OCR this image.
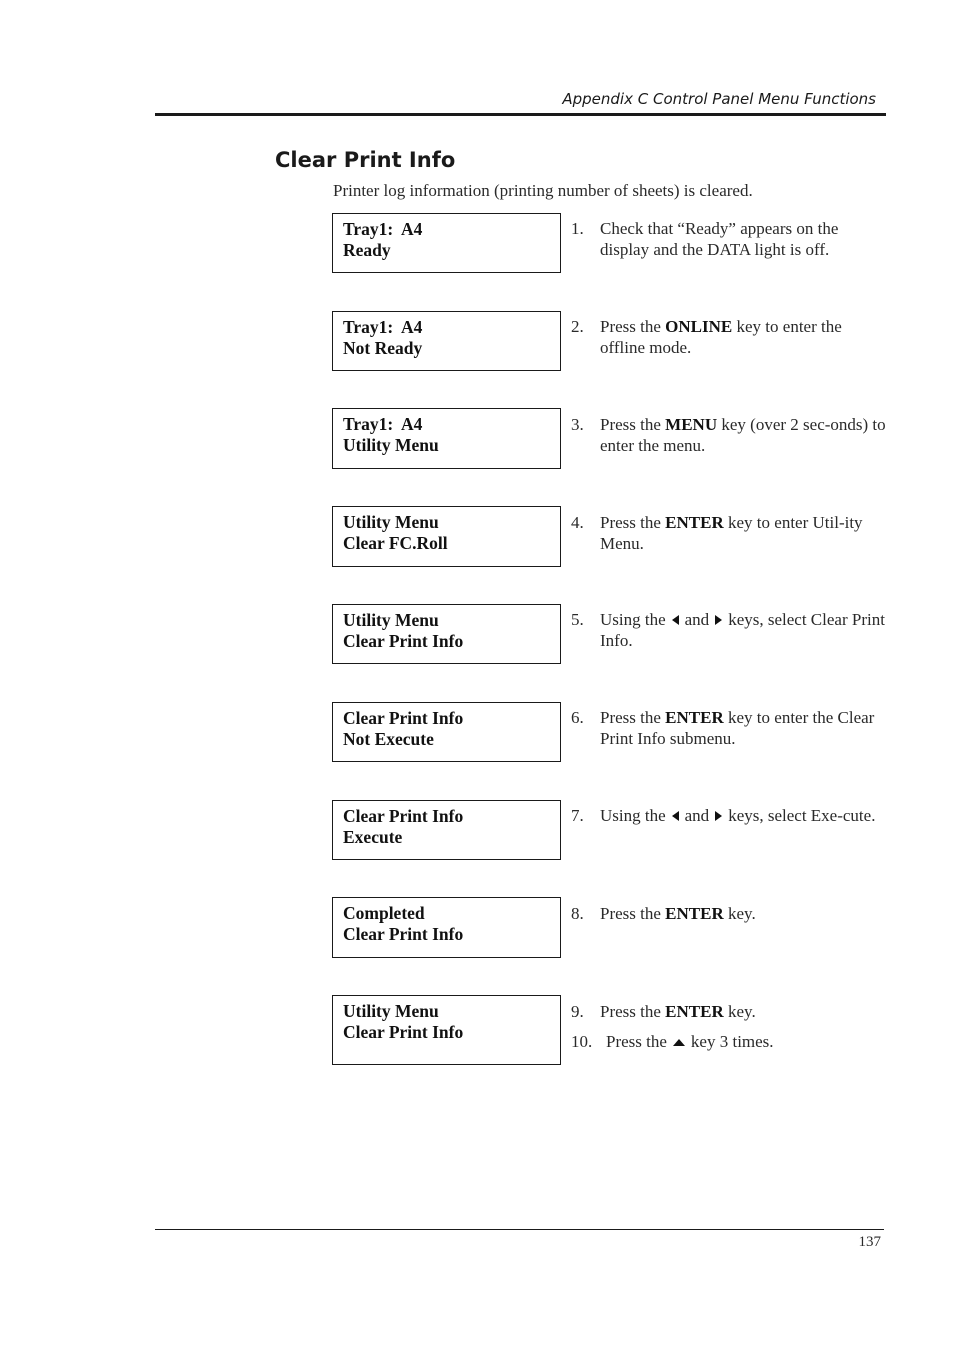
Appendix C Control Panel Menu Functions
Clear Print Info
Printer log information (printing number of sheets) is cleared.
Tray1:  A4
Ready
Tray1:  A4
Not Ready
Tray1:  A4
Utility Menu
Utility Menu
Clear FC.Roll
Utility Menu
Clear Print Info
Clear Print Info
Not Execute
Clear Print Info
Execute
Completed
Clear Print Info
Utility Menu
Clear Print Info
1. Check that “Ready” appears on the display and the DATA light is off.
2. Press the ONLINE key to enter the offline mode.
3. Press the MENU key (over 2 sec-onds) to enter the menu.
4. Press the ENTER key to enter Util-ity Menu.
5. Using the and keys, select Clear Print Info.
6. Press the ENTER key to enter the Clear Print Info submenu.
7. Using the and keys, select Exe-cute.
8. Press the ENTER key.
9. Press the ENTER key.
10. Press the key 3 times.
137
